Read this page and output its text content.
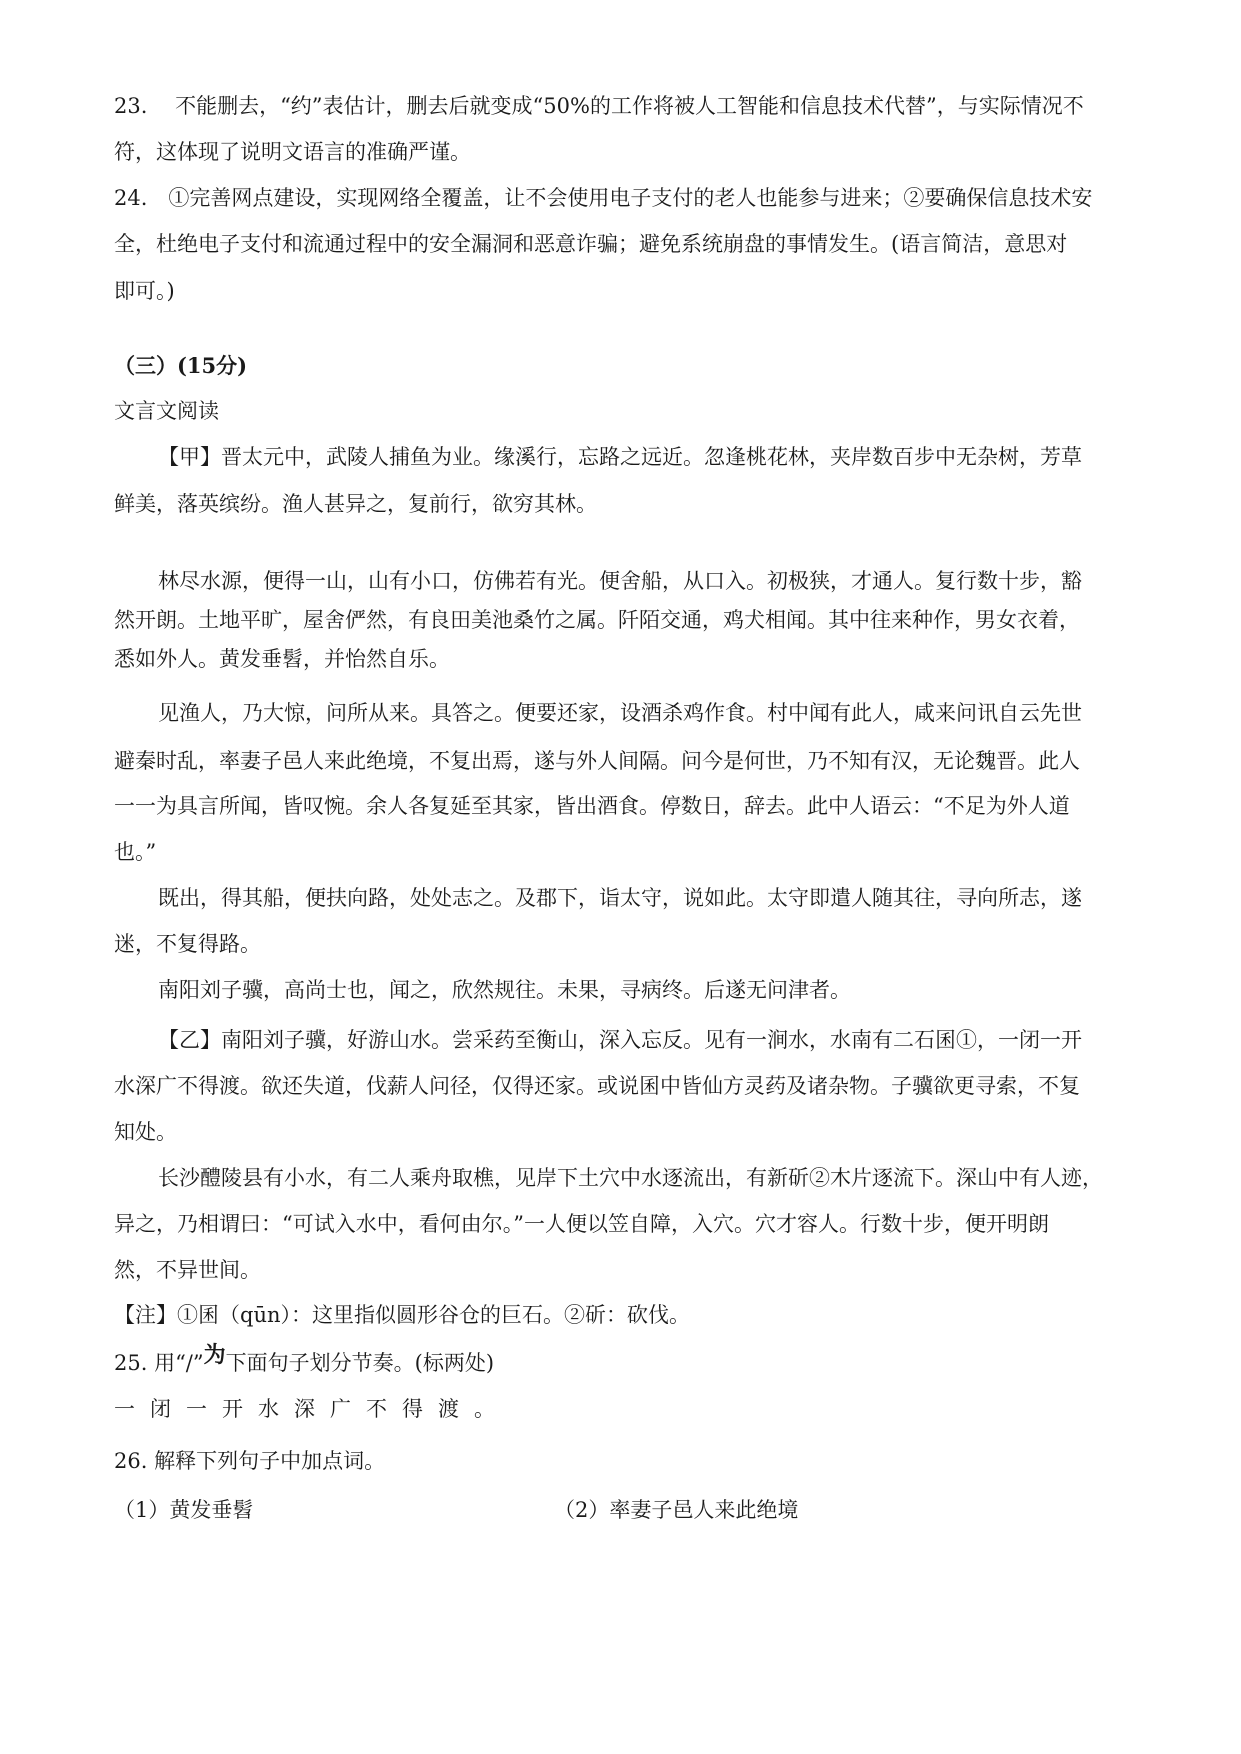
23.　 不能删去，“约”表估计，删去后就变成“50%的工作将被人工智能和信息技术代替”，与实际情况不
符，这体现了说明文语言的准确严谨。
24.　①完善网点建设，实现网络全覆盖，让不会使用电子支付的老人也能参与进来；②要确保信息技术安
全，杜绝电子支付和流通过程中的安全漏洞和恶意诈骗；避免系统崩盘的事情发生。(语言简洁，意思对
即可。)
（三）(15分)
文言文阅读
【甲】晋太元中，武陵人捕鱼为业。缘溪行，忘路之远近。忽逢桃花林，夹岸数百步中无杂树，芳草
鲜美，落英缤纷。渔人甚异之，复前行，欲穷其林。
林尽水源，便得一山，山有小口，仿佛若有光。便舍船，从口入。初极狭，才通人。复行数十步，豁
然开朗。土地平旷，屋舍俨然，有良田美池桑竹之属。阡陌交通，鸡犬相闻。其中往来种作，男女衣着，
悉如外人。黄发垂髫，并怡然自乐。
见渔人，乃大惊，问所从来。具答之。便要还家，设酒杀鸡作食。村中闻有此人，咸来问讯自云先世
避秦时乱，率妻子邑人来此绝境，不复出焉，遂与外人间隔。问今是何世，乃不知有汉，无论魏晋。此人
一一为具言所闻，皆叹惋。余人各复延至其家，皆出酒食。停数日，辞去。此中人语云：“不足为外人道
也。”
既出，得其船，便扶向路，处处志之。及郡下，诣太守，说如此。太守即遣人随其往，寻向所志，遂
迷，不复得路。
南阳刘子骥，高尚士也，闻之，欣然规往。未果，寻病终。后遂无问津者。
【乙】南阳刘子骥，好游山水。尝采药至衡山，深入忘反。见有一涧水，水南有二石囷①，一闭一开
水深广不得渡。欲还失道，伐薪人问径，仅得还家。或说囷中皆仙方灵药及诸杂物。子骥欲更寻索，不复
知处。
长沙醴陵县有小水，有二人乘舟取樵，见岸下土穴中水逐流出，有新斫②木片逐流下。深山中有人迹，
异之，乃相谓曰：“可试入水中，看何由尔。”一人便以笠自障，入穴。穴才容人。行数十步，便开明朗
然，不异世间。
【注】①囷（qūn）：这里指似圆形谷仓的巨石。②斫：砍伐。
25. 用“/”为下面句子划分节奏。(标两处)
一闭一开水深广不得渡。
26. 解释下列句子中加点词。
（1）黄发垂髫	（2）率妻子邑人来此绝境
